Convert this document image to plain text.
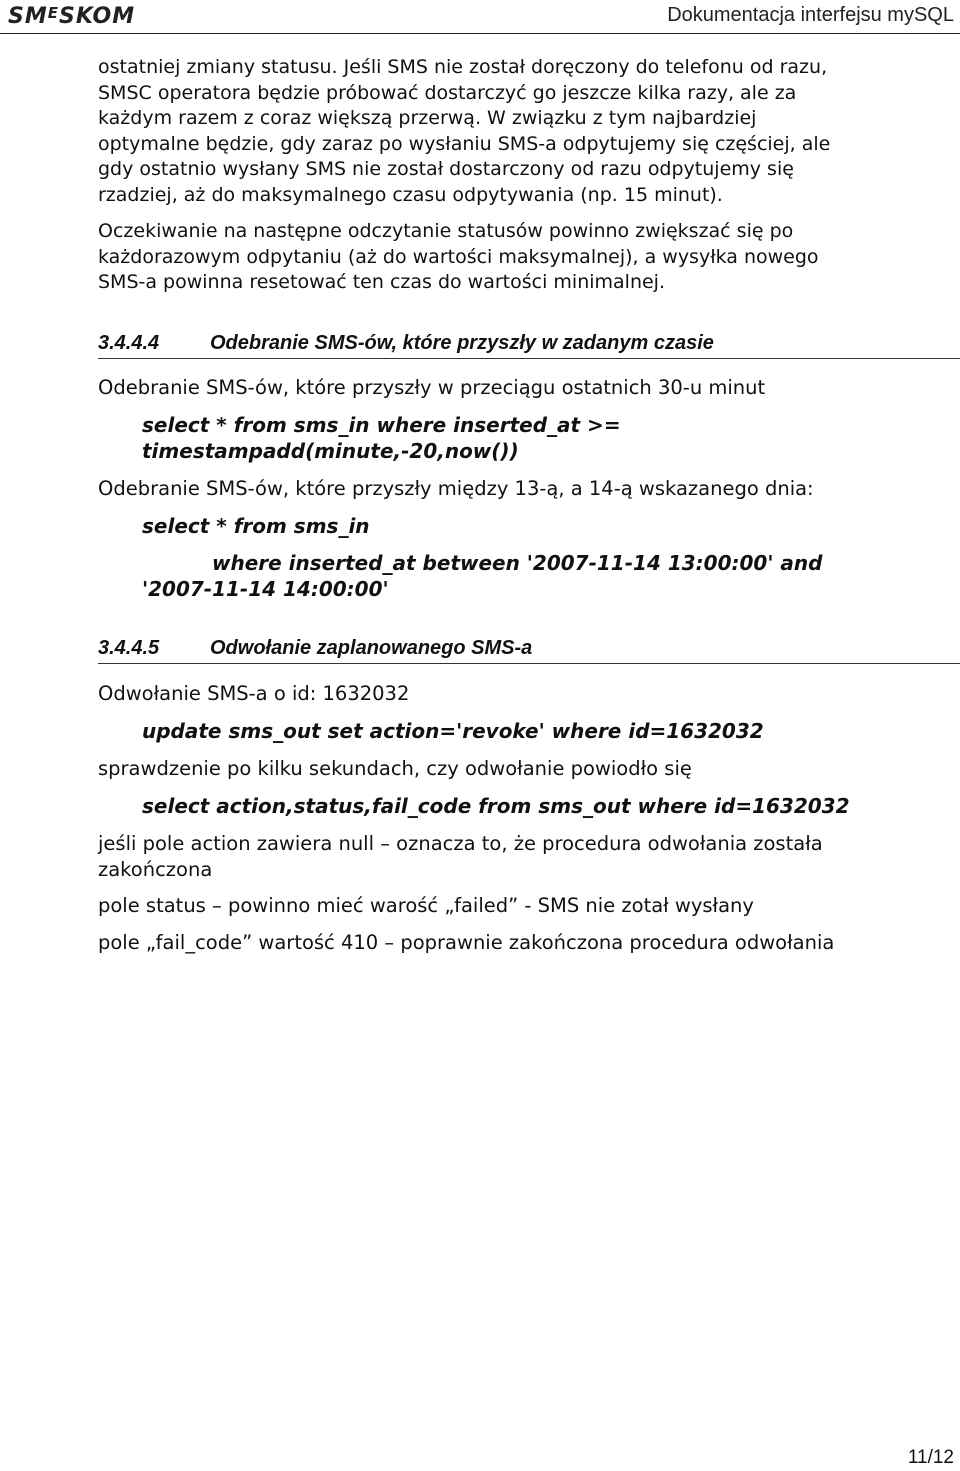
$SM^ESKOM$	Dokumentacja interfejsu mySQL
ostatniej zmiany statusu. Jeśli SMS nie został doręczony do telefonu od razu,
SMSC operatora będzie próbować dostarczyć go jeszcze kilka razy, ale za
każdym razem z coraz większą przerwą. W związku z tym najbardziej
optymalne będzie, gdy zaraz po wysłaniu SMS-a odpytujemy się częściej, ale
gdy ostatnio wysłany SMS nie został dostarczony od razu odpytujemy się
rzadziej, aż do maksymalnego czasu odpytywania (np. 15 minut).
Oczekiwanie na następne odczytanie statusów powinno zwiększać się po
każdorazowym odpytaniu (aż do wartości maksymalnej), a wysyłka nowego
SMS-a powinna resetować ten czas do wartości minimalnej.
3.4.4.4	Odebranie SMS-ów, które przyszły w zadanym czasie
Odebranie SMS-ów, które przyszły w przeciągu ostatnich 30-u minut
select * from sms_in where inserted_at >=
timestampadd(minute,-20,now())
Odebranie SMS-ów, które przyszły między 13-ą, a 14-ą wskazanego dnia:
select * from sms_in
where inserted_at between '2007-11-14 13:00:00' and
'2007-11-14 14:00:00'
3.4.4.5	Odwołanie zaplanowanego SMS-a
Odwołanie SMS-a o id: 1632032
update sms_out set action='revoke' where id=1632032
sprawdzenie po kilku sekundach, czy odwołanie powiodło się
select action,status,fail_code from sms_out where id=1632032
jeśli pole action zawiera null – oznacza to, że procedura odwołania została
zakończona
pole status – powinno mieć warość „failed” - SMS nie zotał wysłany
pole „fail_code” wartość 410 – poprawnie zakończona procedura odwołania
11/12
